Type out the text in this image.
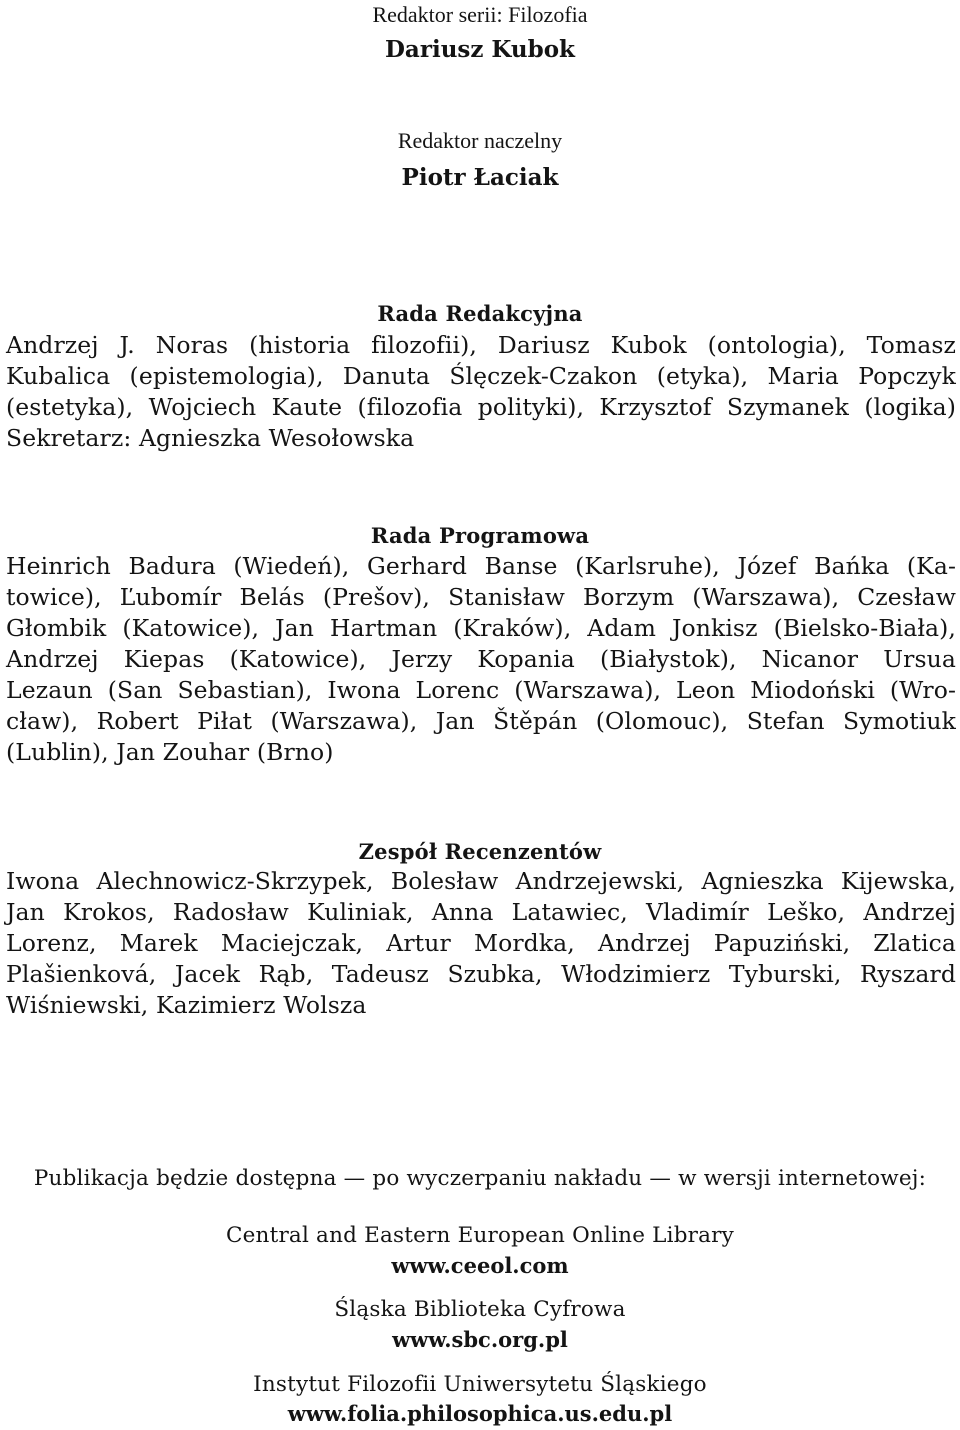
Redaktor serii: Filozofia
Dariusz Kubok
Redaktor naczelny
Piotr Łaciak
Rada Redakcyjna
Andrzej J. Noras (historia filozofii), Dariusz Kubok (ontologia), Tomasz
Kubalica (epistemologia), Danuta Ślęczek-Czakon (etyka), Maria Popczyk
(estetyka), Wojciech Kaute (filozofia polityki), Krzysztof Szymanek (logika)
Sekretarz: Agnieszka Wesołowska
Rada Programowa
Heinrich Badura (Wiedeń), Gerhard Banse (Karlsruhe), Józef Bańka (Ka-
towice), Ľubomír Belás (Prešov), Stanisław Borzym (Warszawa), Czesław
Głombik (Katowice), Jan Hartman (Kraków), Adam Jonkisz (Bielsko-Biała),
Andrzej Kiepas (Katowice), Jerzy Kopania (Białystok), Nicanor Ursua
Lezaun (San Sebastian), Iwona Lorenc (Warszawa), Leon Miodoński (Wro-
cław), Robert Piłat (Warszawa), Jan Štěpán (Olomouc), Stefan Symotiuk
(Lublin), Jan Zouhar (Brno)
Zespół Recenzentów
Iwona Alechnowicz-Skrzypek, Bolesław Andrzejewski, Agnieszka Kijewska,
Jan Krokos, Radosław Kuliniak, Anna Latawiec, Vladimír Leško, Andrzej
Lorenz, Marek Maciejczak, Artur Mordka, Andrzej Papuziński, Zlatica
Plašienková, Jacek Rąb, Tadeusz Szubka, Włodzimierz Tyburski, Ryszard
Wiśniewski, Kazimierz Wolsza
Publikacja będzie dostępna — po wyczerpaniu nakładu — w wersji internetowej:
Central and Eastern European Online Library
www.ceeol.com
Śląska Biblioteka Cyfrowa
www.sbc.org.pl
Instytut Filozofii Uniwersytetu Śląskiego
www.folia.philosophica.us.edu.pl
